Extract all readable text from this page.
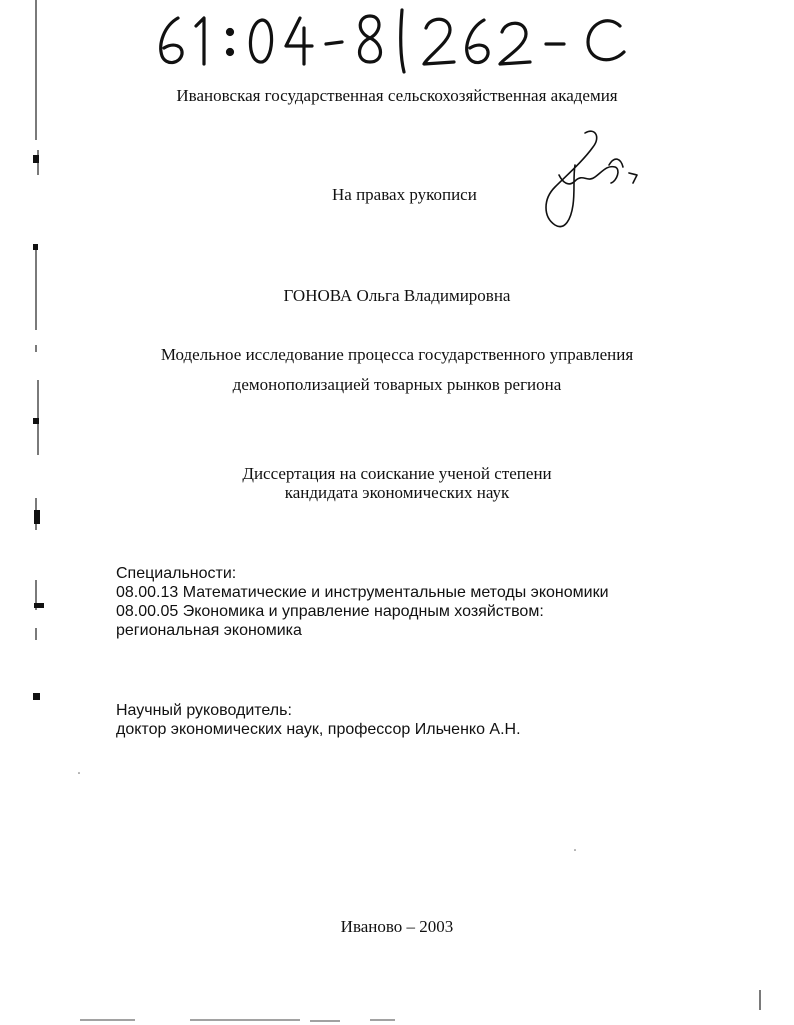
Ивановская государственная сельскохозяйственная академия
На правах рукописи
ГОНОВА Ольга Владимировна
Модельное исследование процесса государственного управления
демонополизацией товарных рынков региона
Диссертация на соискание ученой степени
кандидата экономических наук
Специальности:
08.00.13 Математические и инструментальные методы экономики
08.00.05 Экономика и управление народным хозяйством:
региональная экономика
Научный руководитель:
доктор экономических наук, профессор Ильченко А.Н.
Иваново – 2003
